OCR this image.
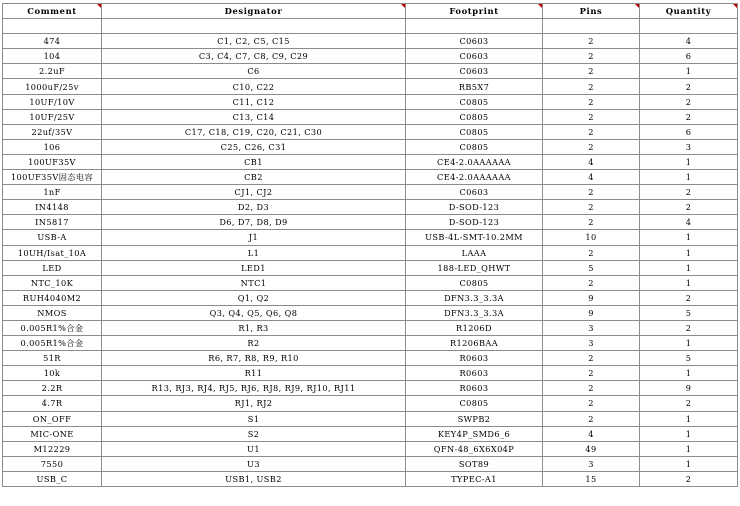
Comment	Designator	Footprint	Pins	Quantity

474	C1, C2, C5, C15	C0603	2	4
104	C3, C4, C7, C8, C9, C29	C0603	2	6
2.2uF	C6	C0603	2	1
1000uF/25v	C10, C22	RB5X7	2	2
10UF/10V	C11, C12	C0805	2	2
10UF/25V	C13, C14	C0805	2	2
22uf/35V	C17, C18, C19, C20, C21, C30	C0805	2	6
106	C25, C26, C31	C0805	2	3
100UF35V	CB1	CE4-2.0AAAAAA	4	1
100UF35V固态电容	CB2	CE4-2.0AAAAAA	4	1
1nF	CJ1, CJ2	C0603	2	2
IN4148	D2, D3	D-SOD-123	2	2
IN5817	D6, D7, D8, D9	D-SOD-123	2	4
USB-A	J1	USB-4L-SMT-10.2MM	10	1
10UH/Isat_10A	L1	LAAA	2	1
LED	LED1	188-LED_QHWT	5	1
NTC_10K	NTC1	C0805	2	1
RUH4040M2	Q1, Q2	DFN3.3_3.3A	9	2
NMOS	Q3, Q4, Q5, Q6, Q8	DFN3.3_3.3A	9	5
0.005R1%合金	R1, R3	R1206D	3	2
0.005R1%合金	R2	R1206BAA	3	1
51R	R6, R7, R8, R9, R10	R0603	2	5
10k	R11	R0603	2	1
2.2R	R13, RJ3, RJ4, RJ5, RJ6, RJ8, RJ9, RJ10, RJ11	R0603	2	9
4.7R	RJ1, RJ2	C0805	2	2
ON_OFF	S1	SWPB2	2	1
MIC-ONE	S2	KEY4P_SMD6_6	4	1
M12229	U1	QFN-48_6X6X04P	49	1
7550	U3	SOT89	3	1
USB_C	USB1, USB2	TYPEC-A1	15	2
